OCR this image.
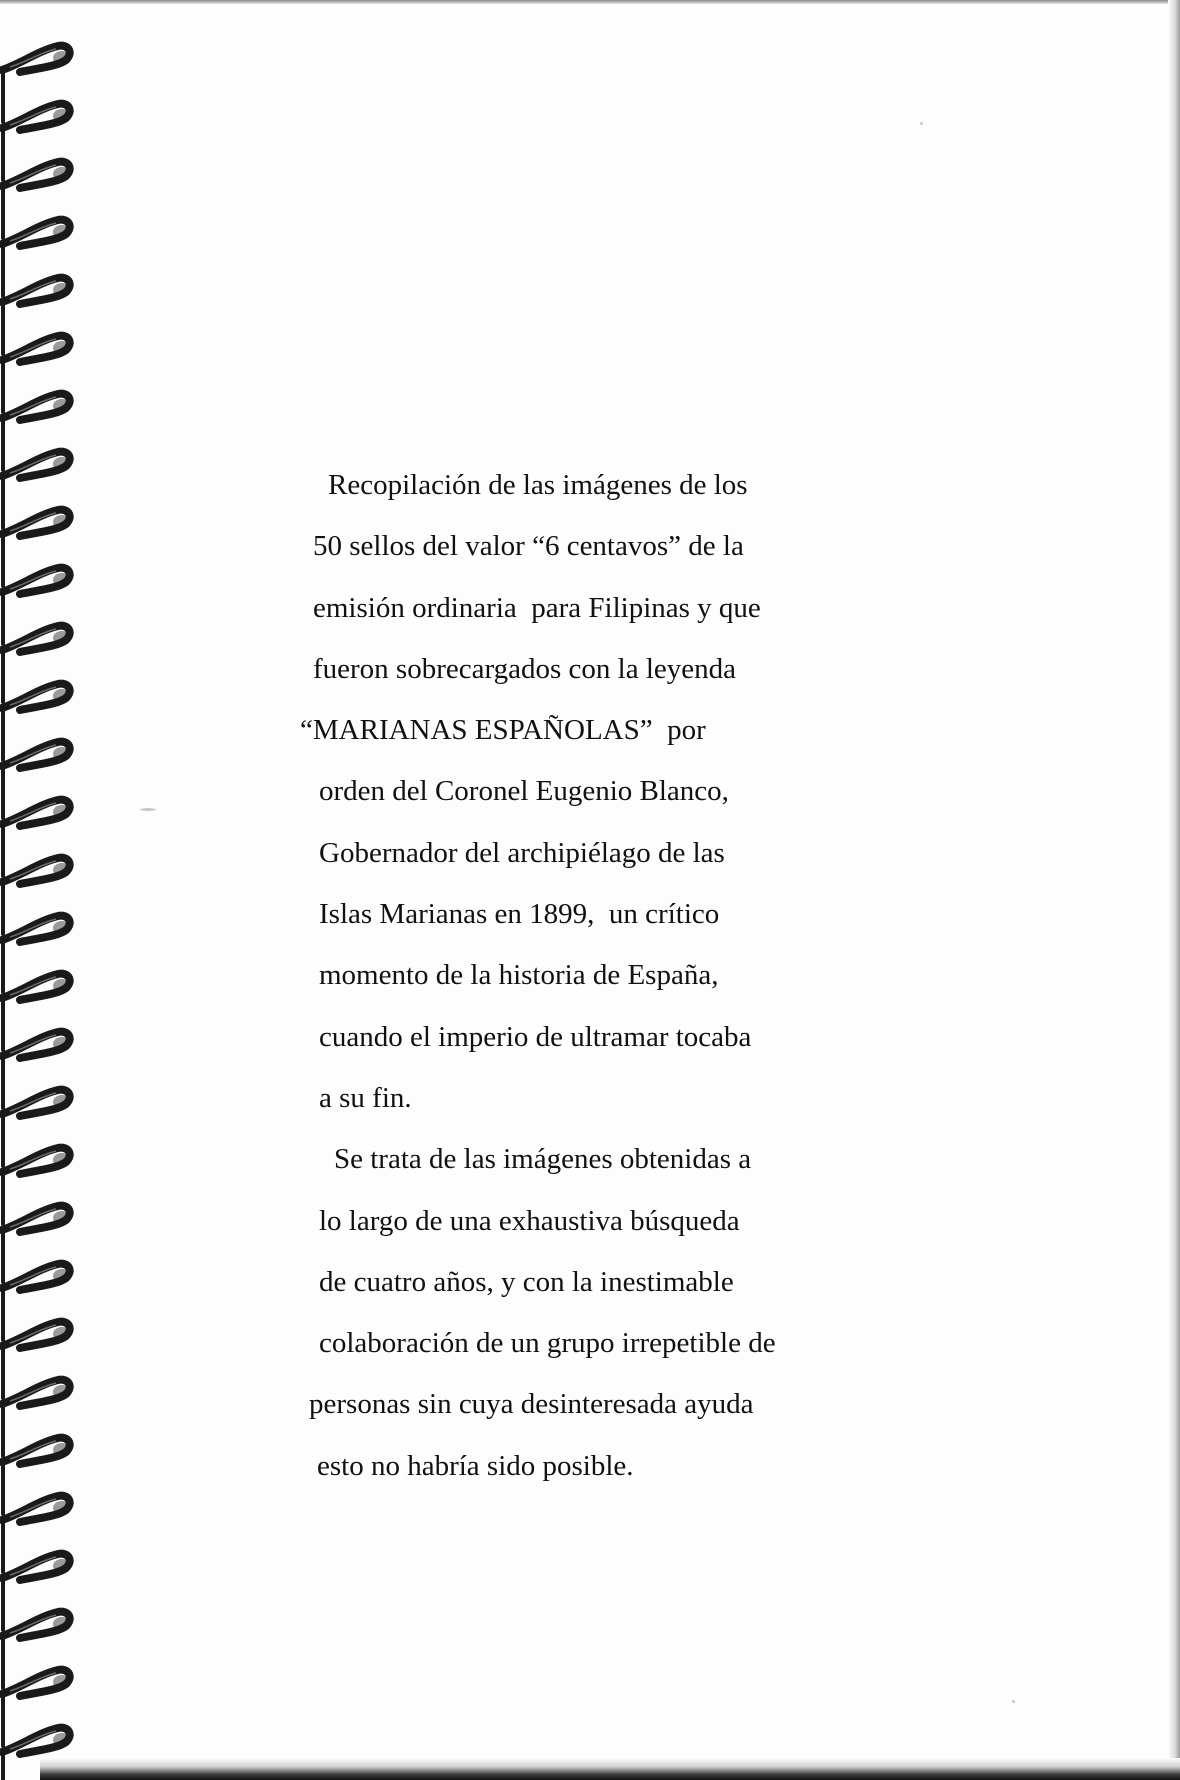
Recopilación de las imágenes de los
50 sellos del valor “6 centavos” de la
emisión ordinaria  para Filipinas y que
fueron sobrecargados con la leyenda
“MARIANAS ESPAÑOLAS”  por
orden del Coronel Eugenio Blanco,
Gobernador del archipiélago de las
Islas Marianas en 1899,  un crítico
momento de la historia de España,
cuando el imperio de ultramar tocaba
a su fin.
Se trata de las imágenes obtenidas a
lo largo de una exhaustiva búsqueda
de cuatro años, y con la inestimable
colaboración de un grupo irrepetible de
personas sin cuya desinteresada ayuda
esto no habría sido posible.
